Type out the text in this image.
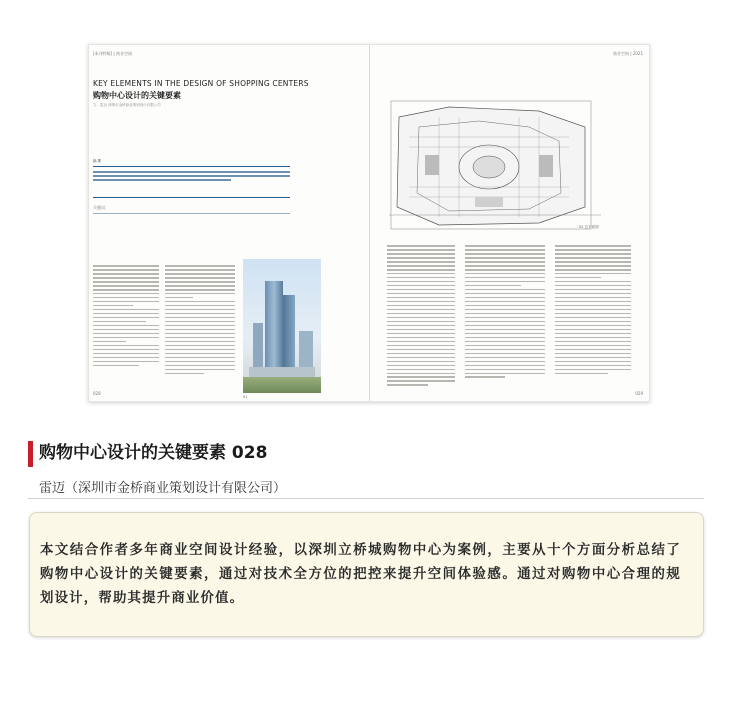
[本刊特稿] | 商业空间	商业空间 | 2021
KEY ELEMENTS IN THE DESIGN OF SHOPPING CENTERS
购物中心设计的关键要素
文：雷迈 深圳市金桥商业策划设计有限公司
摘 要
关键词：
01
02 总平面图
028	029
购物中心设计的关键要素 028
雷迈（深圳市金桥商业策划设计有限公司）
本文结合作者多年商业空间设计经验，以深圳立桥城购物中心为案例，主要从十个方面分析总结了购物中心设计的关键要素，通过对技术全方位的把控来提升空间体验感。通过对购物中心合理的规划设计，帮助其提升商业价值。
